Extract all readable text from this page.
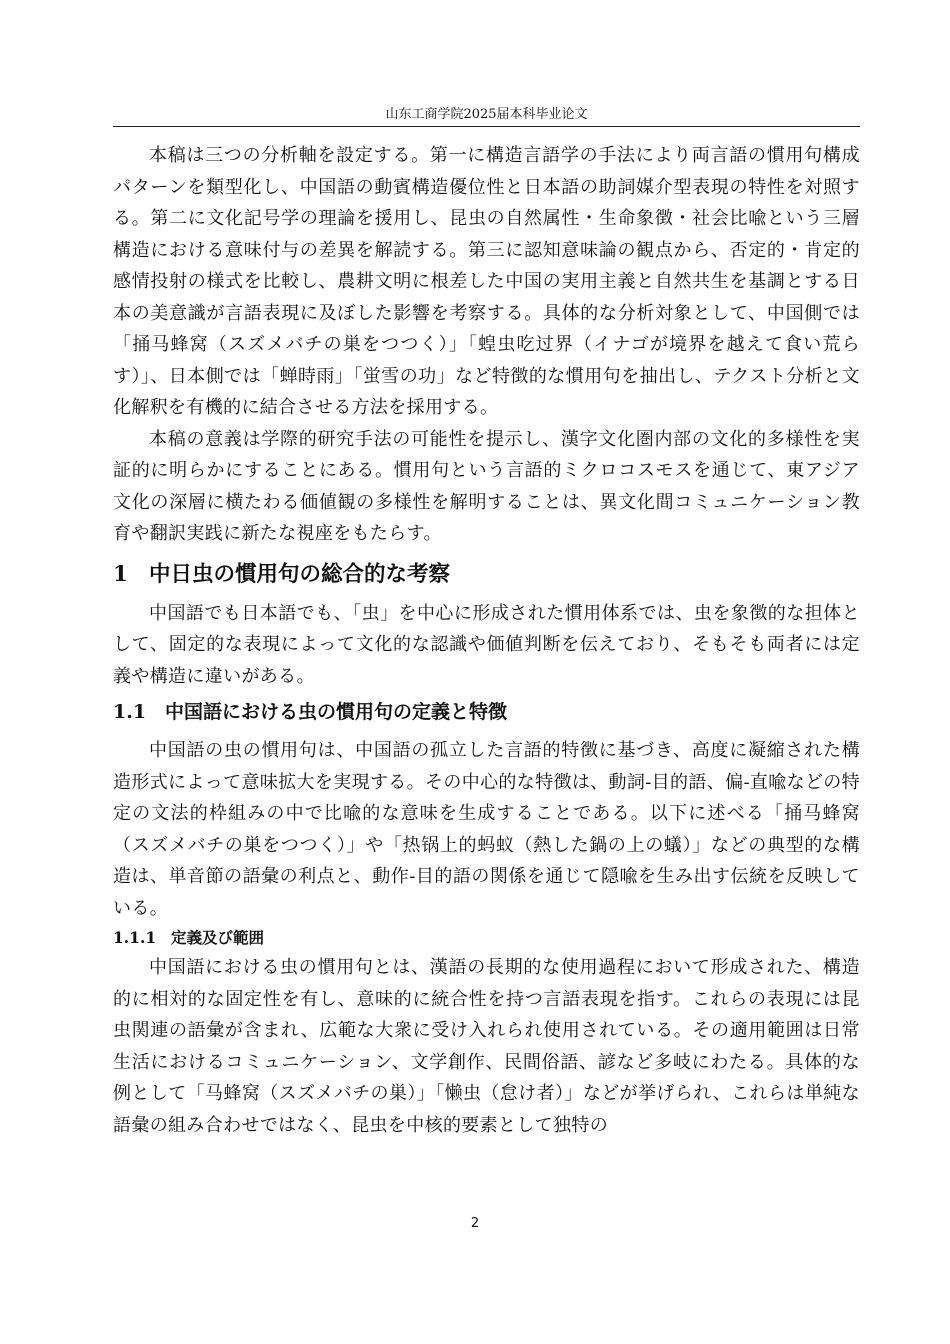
山东工商学院2025届本科毕业论文

本稿は三つの分析軸を設定する。第一に構造言語学の手法により両言語の慣用句構成パターンを類型化し、中国語の動賓構造優位性と日本語の助詞媒介型表現の特性を対照する。第二に文化記号学の理論を援用し、昆虫の自然属性・生命象徴・社会比喩という三層構造における意味付与の差異を解読する。第三に認知意味論の観点から、否定的・肯定的感情投射の様式を比較し、農耕文明に根差した中国の実用主義と自然共生を基調とする日本の美意識が言語表現に及ぼした影響を考察する。具体的な分析対象として、中国側では「捅马蜂窝（スズメバチの巣をつつく）」「蝗虫吃过界（イナゴが境界を越えて食い荒らす）」、日本側では「蝉時雨」「蛍雪の功」など特徴的な慣用句を抽出し、テクスト分析と文化解釈を有機的に結合させる方法を採用する。

本稿の意義は学際的研究手法の可能性を提示し、漢字文化圏内部の文化的多様性を実証的に明らかにすることにある。慣用句という言語的ミクロコスモスを通じて、東アジア文化の深層に横たわる価値観の多様性を解明することは、異文化間コミュニケーション教育や翻訳実践に新たな視座をもたらす。

1 中日虫の慣用句の総合的な考察

中国語でも日本語でも、「虫」を中心に形成された慣用体系では、虫を象徴的な担体として、固定的な表現によって文化的な認識や価値判断を伝えており、そもそも両者には定義や構造に違いがある。

1.1 中国語における虫の慣用句の定義と特徴

中国語の虫の慣用句は、中国語の孤立した言語的特徴に基づき、高度に凝縮された構造形式によって意味拡大を実現する。その中心的な特徴は、動詞-目的語、偏-直喩などの特定の文法的枠組みの中で比喩的な意味を生成することである。以下に述べる「捅马蜂窝（スズメバチの巣をつつく）」や「热锅上的蚂蚁（熱した鍋の上の蟻）」などの典型的な構造は、単音節の語彙の利点と、動作-目的語の関係を通じて隠喩を生み出す伝統を反映している。

1.1.1 定義及び範囲

中国語における虫の慣用句とは、漢語の長期的な使用過程において形成された、構造的に相対的な固定性を有し、意味的に統合性を持つ言語表現を指す。これらの表現には昆虫関連の語彙が含まれ、広範な大衆に受け入れられ使用されている。その適用範囲は日常生活におけるコミュニケーション、文学創作、民間俗語、諺など多岐にわたる。具体的な例として「马蜂窝（スズメバチの巣）」「懒虫（怠け者）」などが挙げられ、これらは単純な語彙の組み合わせではなく、昆虫を中核的要素として独特の

2
